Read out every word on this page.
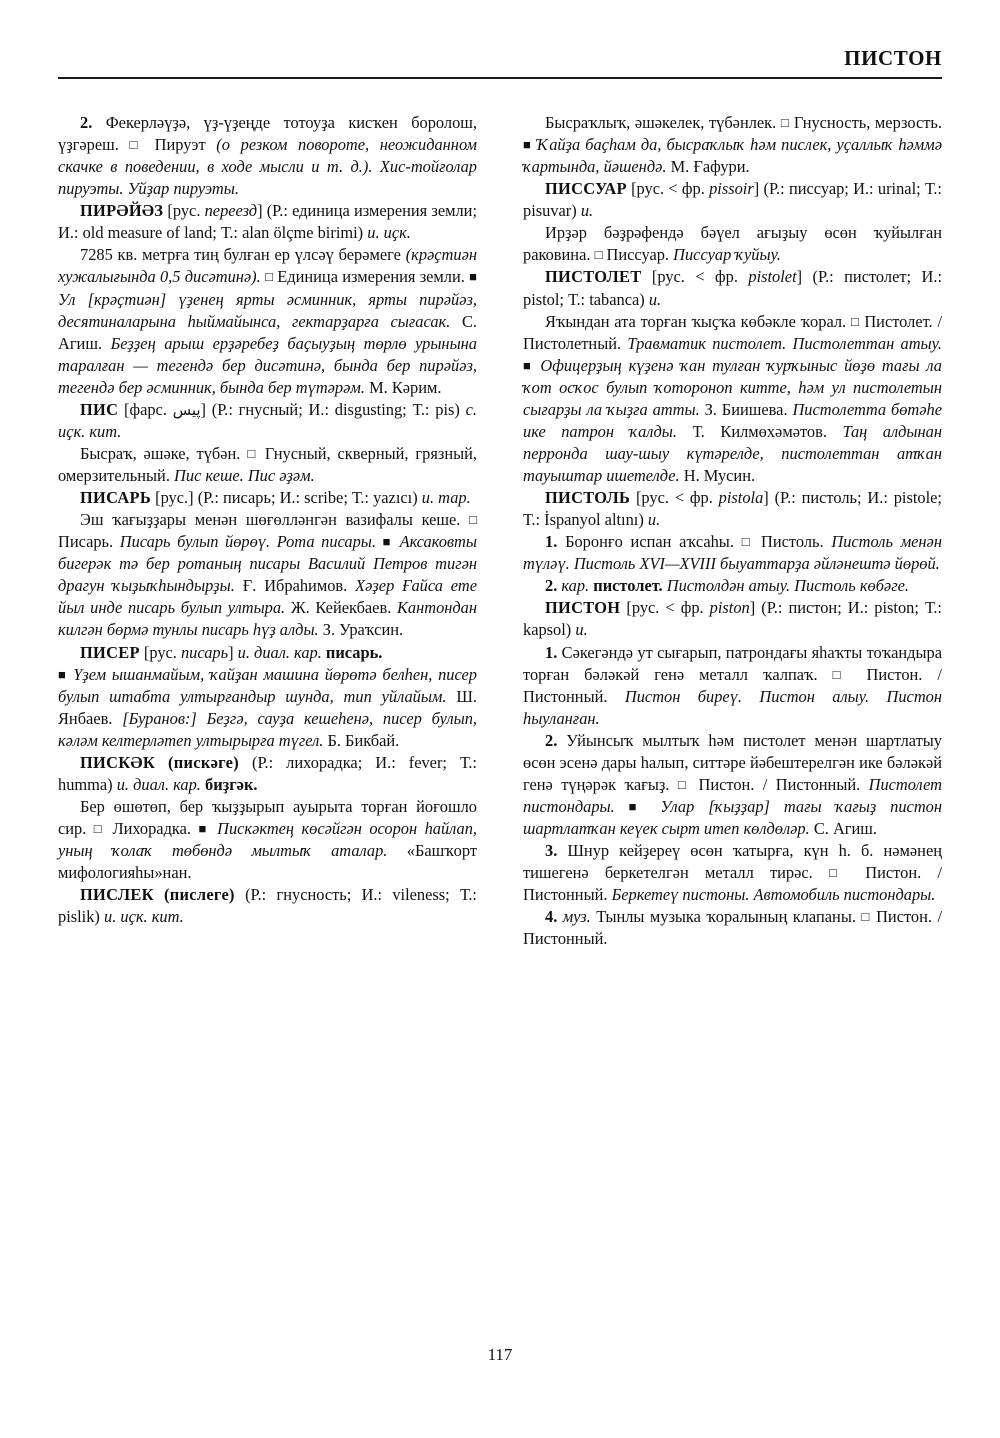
ПИСТОН

2. Фекерләүҙә, үҙ-үҙеңде тотоуҙа кисҡен боролош, үҙгәреш. □ Пируэт (о резком повороте, неожиданном скачке в поведении, в ходе мысли и т. д.). Хис-тойғолар пируэты. Уйҙар пируэты.

ПИРӘЙӘЗ [рус. переезд] (Р.: единица измерения земли; И.: old measure of land; Т.: alan ölçme birimi) и. иҫк.

7285 кв. метрға тиң булған ер үлсәү берәмеге (крәҫтиән хужалығында 0,5 дисәтинә). □ Единица измерения земли. ■ Ул [крәҫтиән] үҙенең ярты әсминник, ярты пирәйәз, десятиналарына һыймайынса, гектарҙарға сығасак. С. Агиш. Беҙҙең арыш ерҙәребеҙ баҫыуҙың төрлө урынына таралған — тегендә бер дисәтинә, бында бер пирәйәз, тегендә бер әсминник, бында бер түтәрәм. М. Кәрим.

ПИС [фарс. پیس] (Р.: гнусный; И.: disgusting; Т.: pis) с. иҫк. кит.

Бысраҡ, әшәке, түбән. □ Гнусный, скверный, грязный, омерзительный. Пис кеше. Пис әҙәм.

ПИСАРЬ [рус.] (Р.: писарь; И.: scribe; Т.: yazıcı) и. тар.

Эш ҡағыҙҙары менән шөғөлләнгән вазифалы кеше. □ Писарь. Писарь булып йөрөү. Рота писары. ■ Аксаковты бигерәк тә бер ротаның писары Василий Петров тигән драгун ҡыҙыҡһындырҙы. Ғ. Ибраһимов. Хәҙер Ғайса ете йыл инде писарь булып ултыра. Ж. Кейекбаев. Кантондан килгән бөрмә тунлы писарь һүҙ алды. З. Ураҡсин.

ПИСЕР [рус. писарь] и. диал. кар. писарь.

■ Үҙем ышанмайым, ҡайҙан машина йөрөтә белһен, писер булып штабта ултырғандыр шунда, тип уйлайым. Ш. Янбаев. [Буранов:] Беҙгә, сауҙа кешеһенә, писер булып, кәләм келтерләтеп ултырырға түгел. Б. Бикбай.

ПИСКӘК (пискәге) (Р.: лихорадка; И.: fever; Т.: humma) и. диал. кар. биҙгәк.

Бер өшөтөп, бер ҡыҙҙырып ауырыта торған йоғошло сир. □ Лихорадка. ■ Пискәктең көсәйгән осорон һайлап, уның ҡолаҡ төбөндә мылтыҡ аталар. «Башҡорт мифологияһы»нан.

ПИСЛЕК (пислеге) (Р.: гнусность; И.: vileness; Т.: pislik) и. иҫк. кит.

Бысраҡлыҡ, әшәкелек, түбәнлек. □ Гнусность, мерзость. ■ Ҡайҙа баҫһам да, бысраҡлыҡ һәм пислек, уҫаллыҡ һәммә ҡартында, йәшендә. М. Ғафури.

ПИССУАР [рус. < фр. pissoir] (Р.: писсуар; И.: urinal; Т.: pisuvar) и.

Ирҙәр бәҙрәфендә бәүел ағыҙыу өсөн ҡуйылған раковина. □ Писсуар. Писсуар ҡуйыу.

ПИСТОЛЕТ [рус. < фр. pistolet] (Р.: пистолет; И.: pistol; Т.: tabanca) и.

Яҡындан ата торған ҡыҫҡа көбәкле ҡорал. □ Пистолет. / Пистолетный. Травматик пистолет. Пистолеттан атыу. ■ Офицерҙың күҙенә ҡан тулған ҡурҡыныс йөҙө тағы ла ҡот осҡос булып ҡотороноп китте, һәм ул пистолетын сығарҙы ла ҡыҙға атты. З. Биишева. Пистолетта бөтәһе ике патрон ҡалды. Т. Килмөхәмәтов. Таң алдынан перронда шау-шыу күтәрелде, пистолеттан атҡан тауыштар ишетелде. Н. Мусин.

ПИСТОЛЬ [рус. < фр. pistola] (Р.: пистоль; И.: pistole; Т.: İspanyol altını) и.

1. Боронғо испан аҡсаһы. □ Пистоль. Пистоль менән түләү. Пистоль XVI—XVIII быуаттарҙа әйләнештә йөрөй.

2. кар. пистолет. Пистолдән атыу. Пистоль көбәге.

ПИСТОН [рус. < фр. piston] (Р.: пистон; И.: piston; Т.: kapsol) и.

1. Сәкегәндә ут сығарып, патрондағы яһаҡты тоҡандыра торған бәләкәй генә металл ҡалпаҡ. □	Пистон. / Пистонный. Пистон биреү. Пистон алыу. Пистон һыуланған.

2. Уйынсыҡ мылтыҡ һәм пистолет менән шартлатыу өсөн эсенә дары һалып, ситтәре йәбештерелгән ике бәләкәй генә түңәрәк ҡағыҙ. □ Пистон. / Пистонный. Пистолет пистондары. ■	Улар [ҡыҙҙар] тағы ҡағыҙ пистон шартлатҡан кеүек сырт итеп көлдөләр. С. Агиш.

3. Шнур кейҙереү өсөн ҡатырға, күн һ. б. нәмәнең тишегенә беркетелгән металл тирәс. □	Пистон. / Пистонный. Беркетеү пистоны. Автомобиль пистондары.

4. муз. Тынлы музыка ҡоралының клапаны. □ Пистон. / Пистонный.

117
